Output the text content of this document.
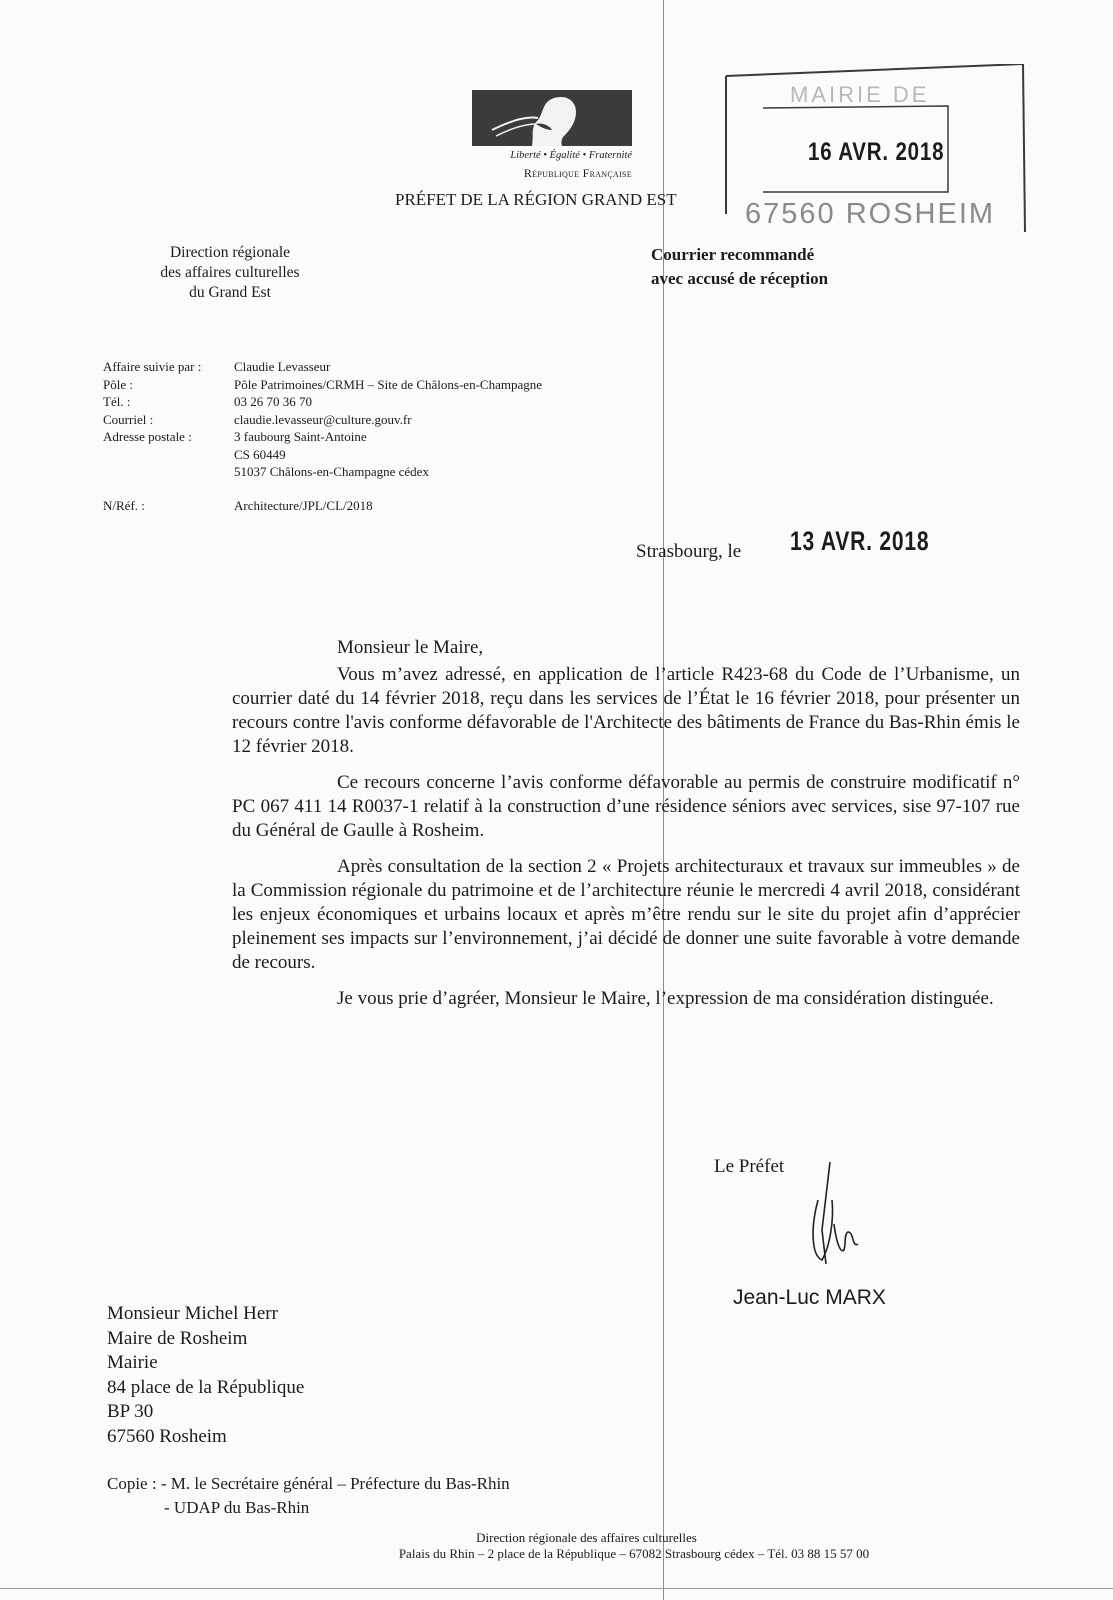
Liberté • Égalité • Fraternité
République Française
PRÉFET DE LA RÉGION GRAND EST
MAIRIE DE
16 AVR. 2018
67560 ROSHEIM
Direction régionale
des affaires culturelles
du Grand Est
Courrier recommandé
avec accusé de réception
Affaire suivie par :	Claudie Levasseur
Pôle :	Pôle Patrimoines/CRMH – Site de Châlons-en-Champagne
Tél. :	03 26 70 36 70
Courriel :	claudie.levasseur@culture.gouv.fr
Adresse postale :	3 faubourg Saint-Antoine
CS 60449
51037 Châlons-en-Champagne cédex
N/Réf. :	Architecture/JPL/CL/2018
Strasbourg, le 13 AVR. 2018
Monsieur le Maire,

Vous m’avez adressé, en application de l’article R423-68 du Code de l’Urbanisme, un courrier daté du 14 février 2018, reçu dans les services de l’État le 16 février 2018, pour présenter un recours contre l'avis conforme défavorable de l'Architecte des bâtiments de France du Bas-Rhin émis le 12 février 2018.

Ce recours concerne l’avis conforme défavorable au permis de construire modificatif n° PC 067 411 14 R0037-1 relatif à la construction d’une résidence séniors avec services, sise 97-107 rue du Général de Gaulle à Rosheim.

Après consultation de la section 2 « Projets architecturaux et travaux sur immeubles » de la Commission régionale du patrimoine et de l’architecture réunie le mercredi 4 avril 2018, considérant les enjeux économiques et urbains locaux et après m’être rendu sur le site du projet afin d’apprécier pleinement ses impacts sur l’environnement, j’ai décidé de donner une suite favorable à votre demande de recours.

Je vous prie d’agréer, Monsieur le Maire, l’expression de ma considération distinguée.

Le Préfet
Jean-Luc MARX
Monsieur Michel Herr
Maire de Rosheim
Mairie
84 place de la République
BP 30
67560 Rosheim
Copie : - M. le Secrétaire général – Préfecture du Bas-Rhin
- UDAP du Bas-Rhin
Direction régionale des affaires culturelles
Palais du Rhin – 2 place de la République – 67082 Strasbourg cédex – Tél. 03 88 15 57 00
